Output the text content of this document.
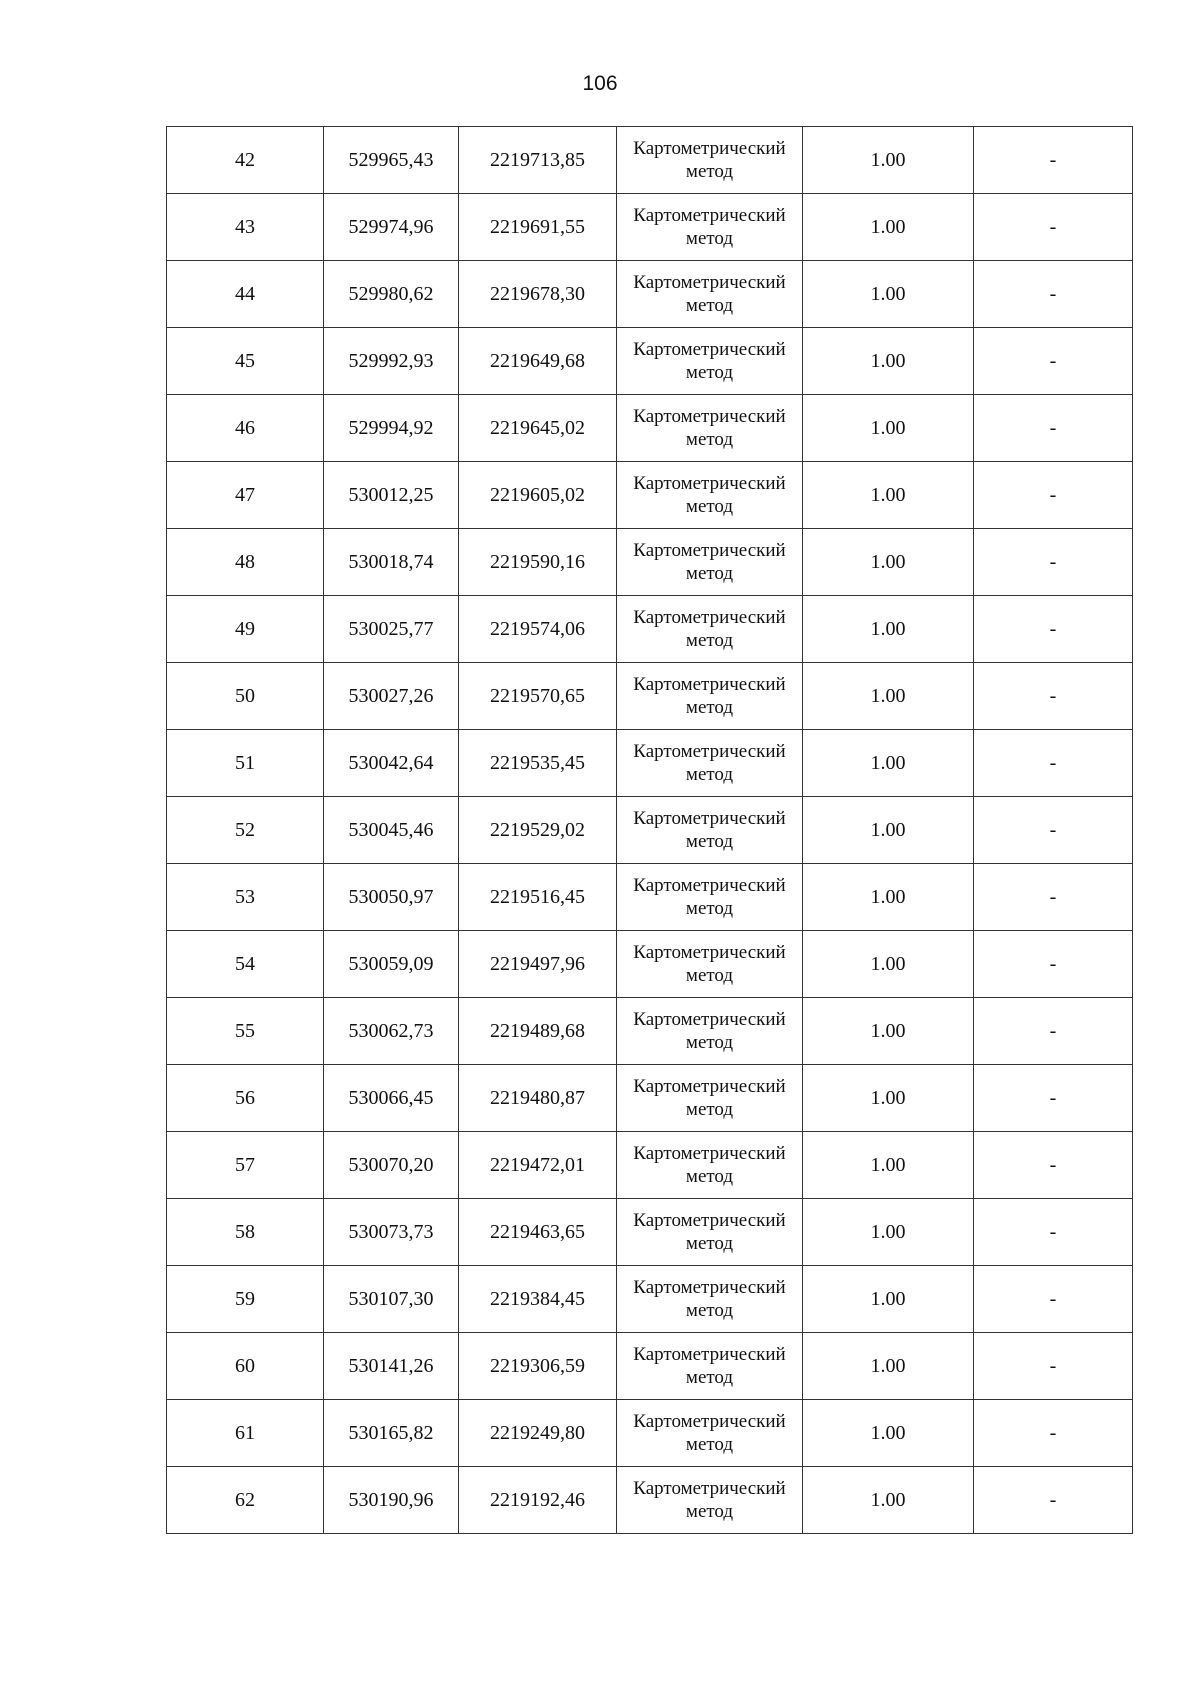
106
42	529965,43	2219713,85	Картометрический метод	1.00	-
43	529974,96	2219691,55	Картометрический метод	1.00	-
44	529980,62	2219678,30	Картометрический метод	1.00	-
45	529992,93	2219649,68	Картометрический метод	1.00	-
46	529994,92	2219645,02	Картометрический метод	1.00	-
47	530012,25	2219605,02	Картометрический метод	1.00	-
48	530018,74	2219590,16	Картометрический метод	1.00	-
49	530025,77	2219574,06	Картометрический метод	1.00	-
50	530027,26	2219570,65	Картометрический метод	1.00	-
51	530042,64	2219535,45	Картометрический метод	1.00	-
52	530045,46	2219529,02	Картометрический метод	1.00	-
53	530050,97	2219516,45	Картометрический метод	1.00	-
54	530059,09	2219497,96	Картометрический метод	1.00	-
55	530062,73	2219489,68	Картометрический метод	1.00	-
56	530066,45	2219480,87	Картометрический метод	1.00	-
57	530070,20	2219472,01	Картометрический метод	1.00	-
58	530073,73	2219463,65	Картометрический метод	1.00	-
59	530107,30	2219384,45	Картометрический метод	1.00	-
60	530141,26	2219306,59	Картометрический метод	1.00	-
61	530165,82	2219249,80	Картометрический метод	1.00	-
62	530190,96	2219192,46	Картометрический метод	1.00	-
